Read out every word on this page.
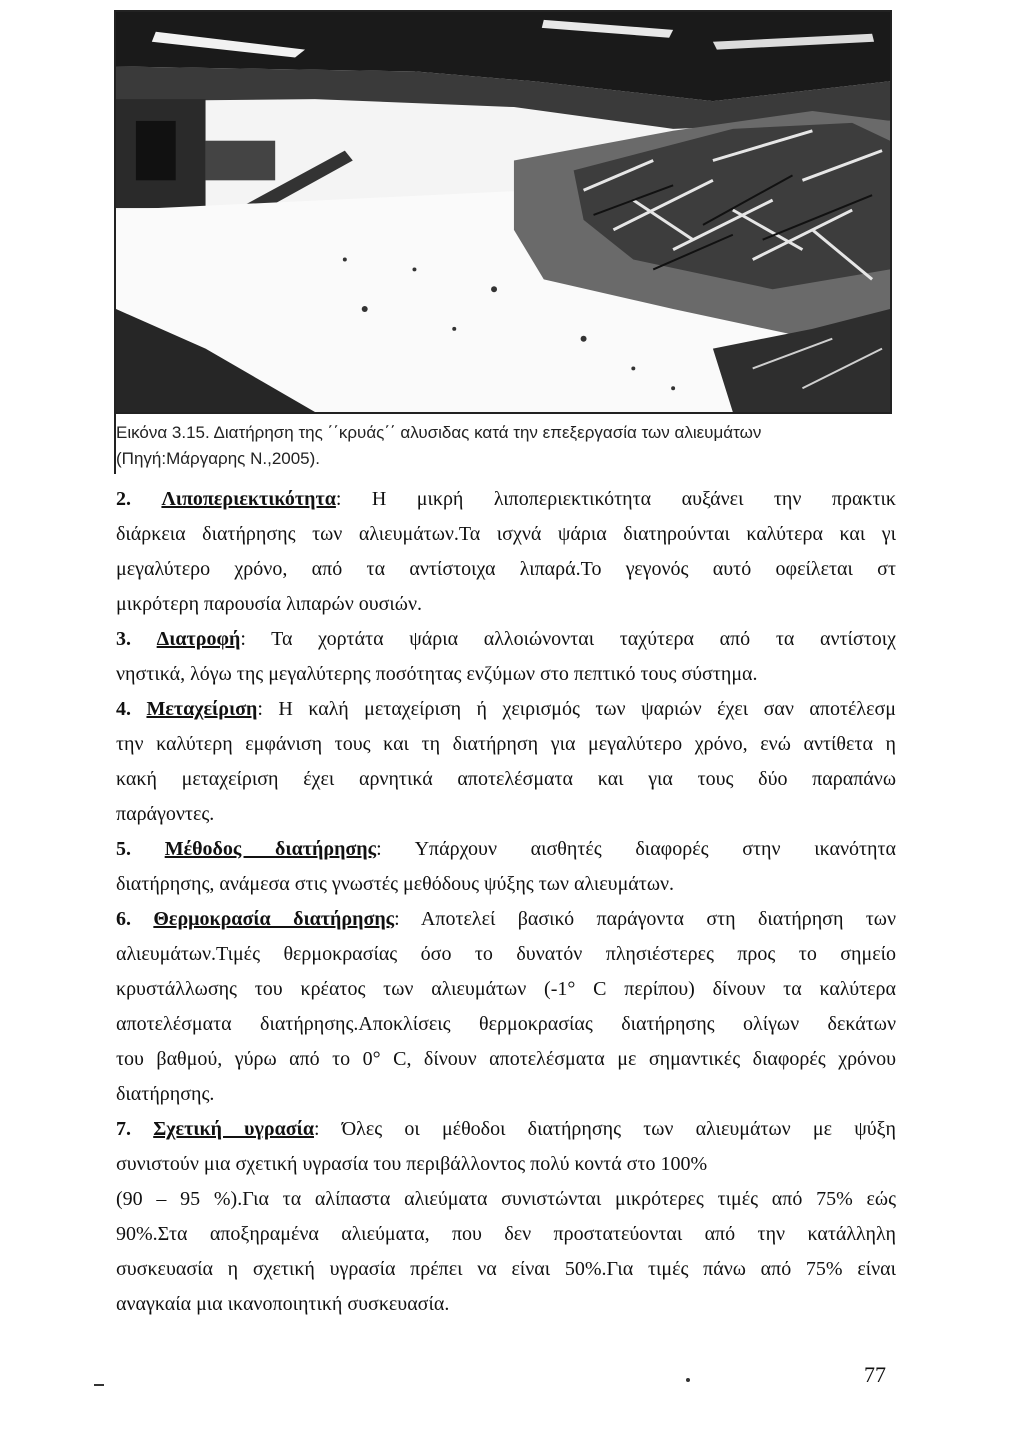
Εικόνα 3.15. Διατήρηση της ΄΄κρυάς΄΄ αλυσιδας κατά την επεξεργασία των αλιευμάτων
(Πηγή:Μάργαρης Ν.,2005).
2. Λιποπεριεκτικότητα: Η μικρή λιποπεριεκτικότητα αυξάνει την πρακτικ
διάρκεια διατήρησης των αλιευμάτων.Τα ισχνά ψάρια διατηρούνται καλύτερα και γι
μεγαλύτερο χρόνο, από τα αντίστοιχα λιπαρά.Το γεγονός αυτό οφείλεται στ
μικρότερη παρουσία λιπαρών ουσιών.
3. Διατροφή: Τα χορτάτα ψάρια αλλοιώνονται ταχύτερα από τα αντίστοιχ
νηστικά, λόγω της μεγαλύτερης ποσότητας ενζύμων στο πεπτικό τους σύστημα.
4. Μεταχείριση: Η καλή μεταχείριση ή χειρισμός των ψαριών έχει σαν αποτέλεσμ
την καλύτερη εμφάνιση τους και τη διατήρηση για μεγαλύτερο χρόνο, ενώ αντίθετα η
κακή μεταχείριση έχει αρνητικά αποτελέσματα και για τους δύο παραπάνω
παράγοντες.
5. Μέθοδος διατήρησης: Υπάρχουν αισθητές διαφορές στην ικανότητα
διατήρησης, ανάμεσα στις γνωστές μεθόδους ψύξης των αλιευμάτων.
6. Θερμοκρασία διατήρησης: Αποτελεί βασικό παράγοντα στη διατήρηση των
αλιευμάτων.Τιμές θερμοκρασίας όσο το δυνατόν πλησιέστερες προς το σημείο
κρυστάλλωσης του κρέατος των αλιευμάτων (-1° C περίπου) δίνουν τα καλύτερα
αποτελέσματα διατήρησης.Αποκλίσεις θερμοκρασίας διατήρησης ολίγων δεκάτων
του βαθμού, γύρω από το 0° C, δίνουν αποτελέσματα με σημαντικές διαφορές χρόνου
διατήρησης.
7. Σχετική υγρασία: Όλες οι μέθοδοι διατήρησης των αλιευμάτων με ψύξη
συνιστούν μια σχετική υγρασία του περιβάλλοντος πολύ κοντά στο 100%
(90 – 95 %).Για τα αλίπαστα αλιεύματα συνιστώνται μικρότερες τιμές από 75% εώς
90%.Στα αποξηραμένα αλιεύματα, που δεν προστατεύονται από την κατάλληλη
συσκευασία η σχετική υγρασία πρέπει να είναι 50%.Για τιμές πάνω από 75% είναι
αναγκαία μια ικανοποιητική συσκευασία.
77
